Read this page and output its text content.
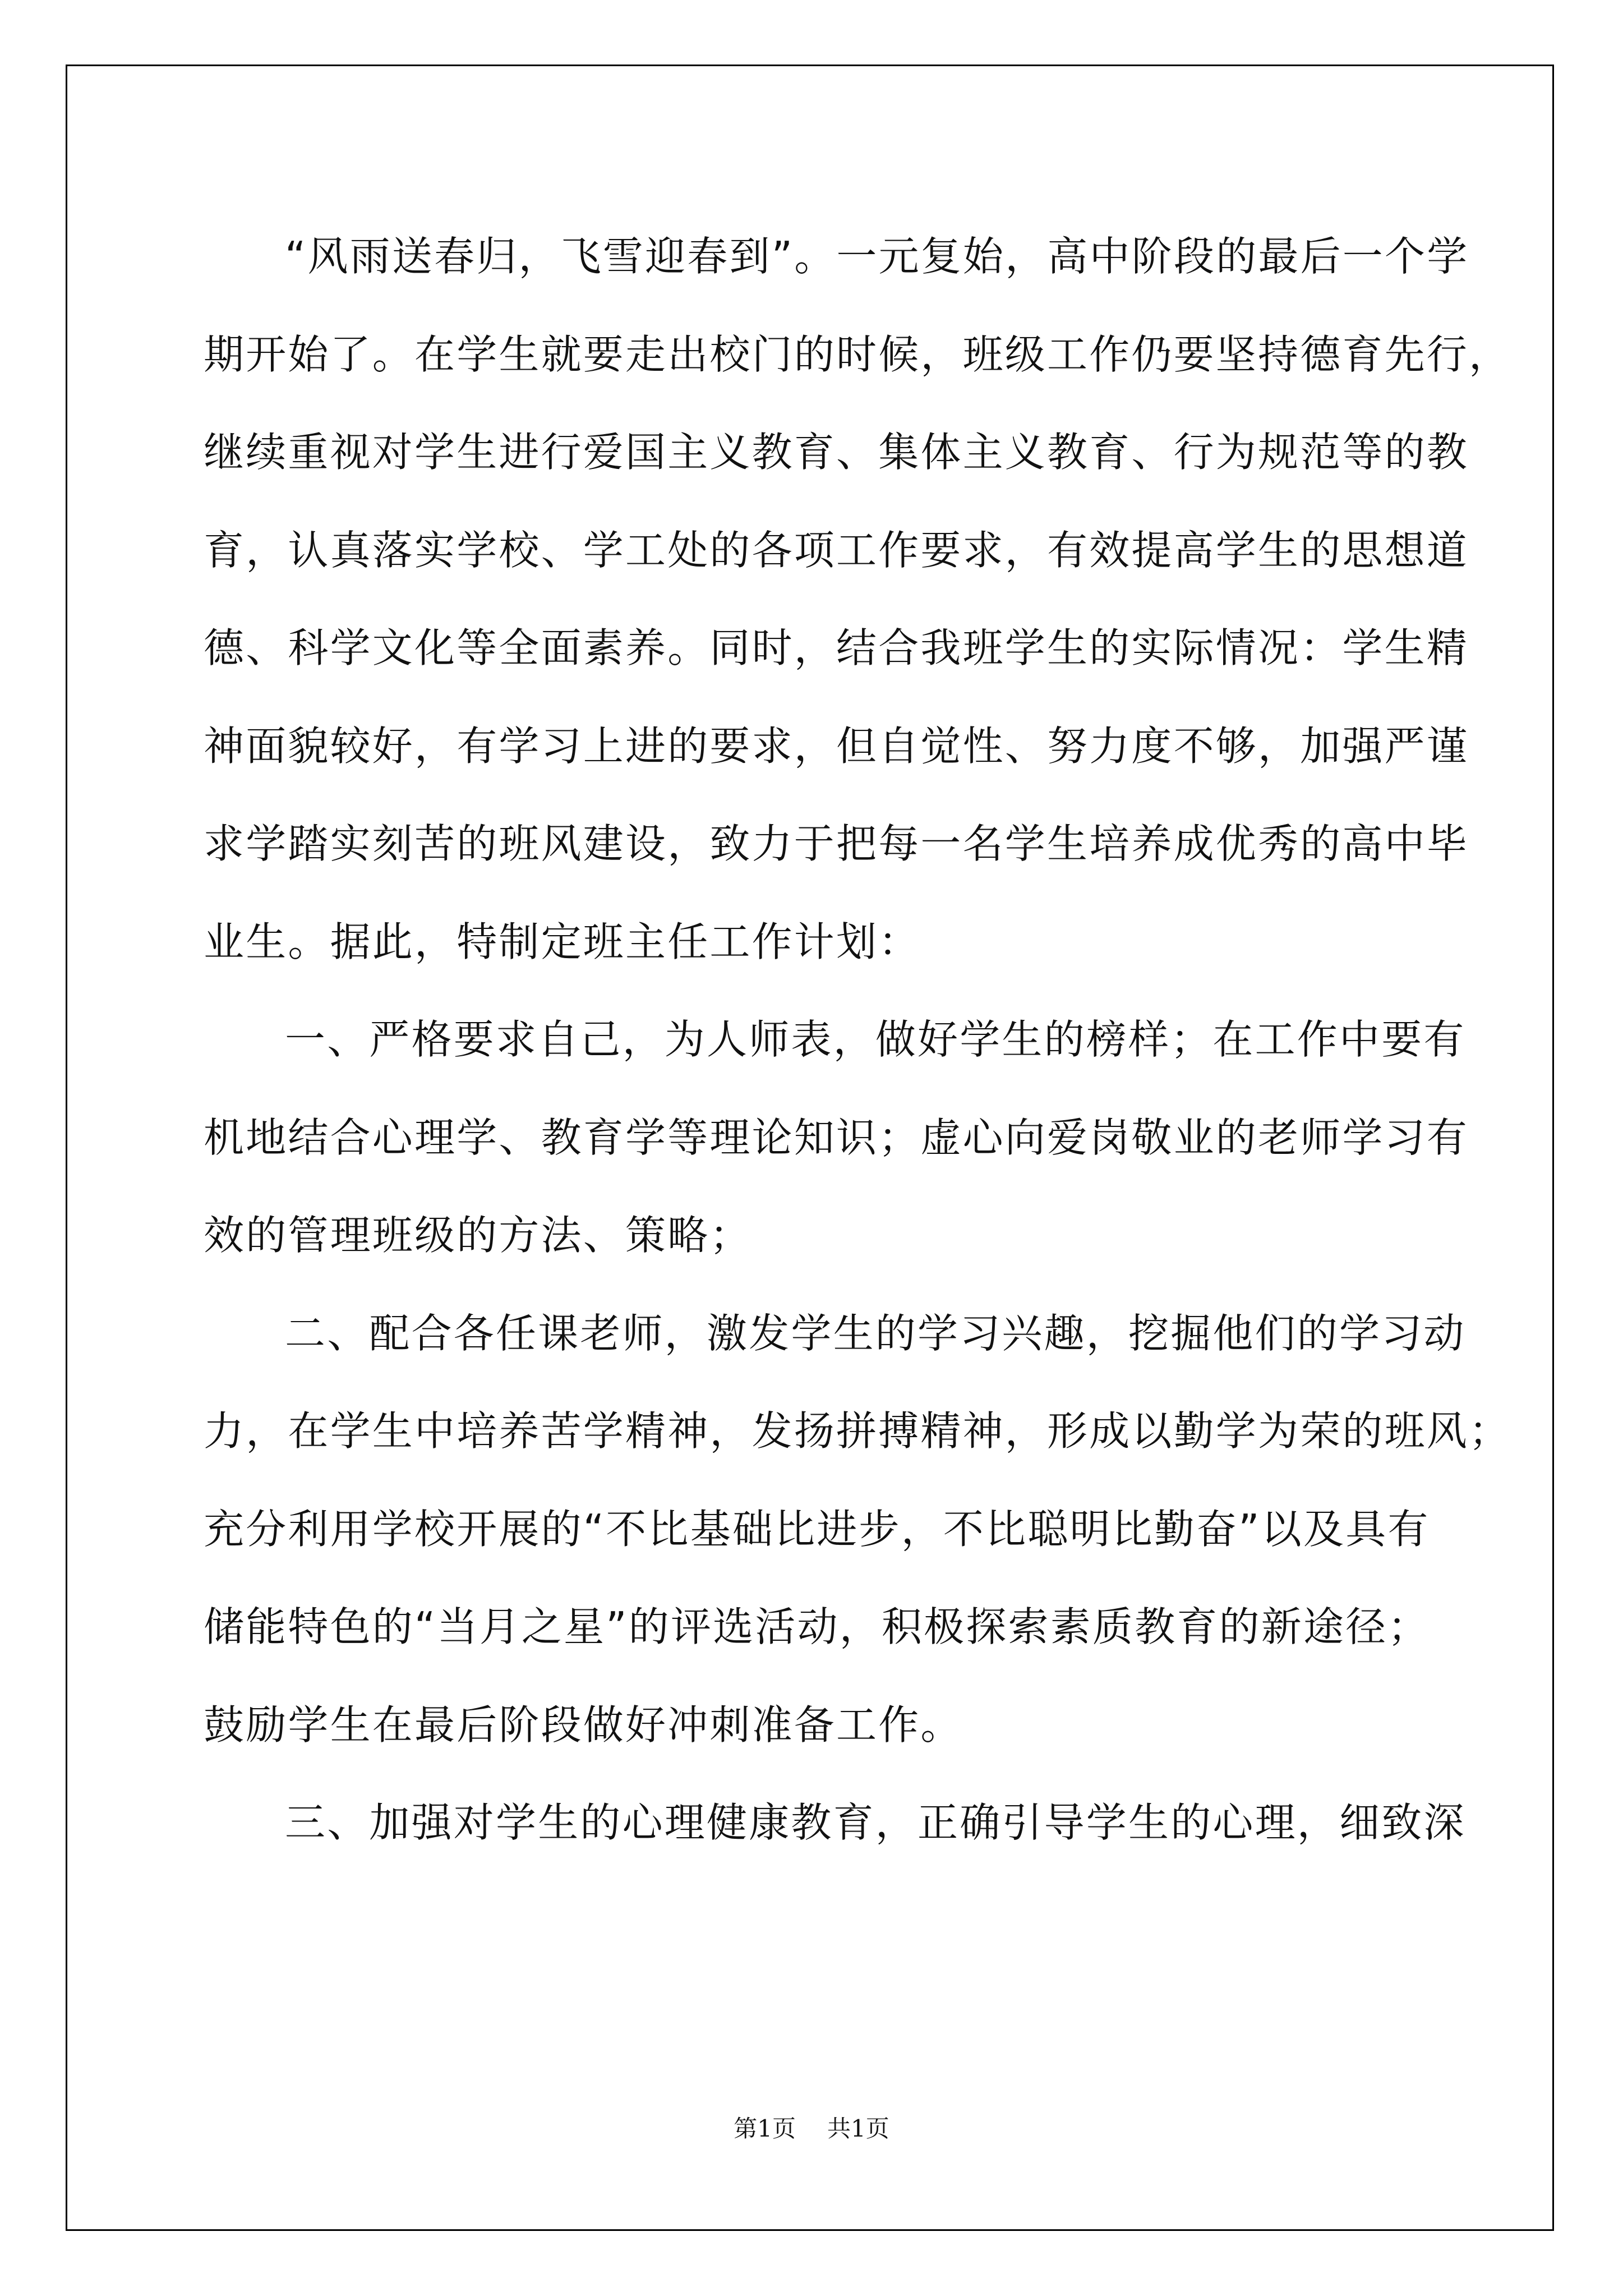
“风雨送春归，飞雪迎春到”。一元复始，高中阶段的最后一个学
期开始了。在学生就要走出校门的时候，班级工作仍要坚持德育先行，
继续重视对学生进行爱国主义教育、集体主义教育、行为规范等的教
育，认真落实学校、学工处的各项工作要求，有效提高学生的思想道
德、科学文化等全面素养。同时，结合我班学生的实际情况：学生精
神面貌较好，有学习上进的要求，但自觉性、努力度不够，加强严谨
求学踏实刻苦的班风建设，致力于把每一名学生培养成优秀的高中毕
业生。据此，特制定班主任工作计划：
一、严格要求自己，为人师表，做好学生的榜样；在工作中要有
机地结合心理学、教育学等理论知识；虚心向爱岗敬业的老师学习有
效的管理班级的方法、策略；
二、配合各任课老师，激发学生的学习兴趣，挖掘他们的学习动
力，在学生中培养苦学精神，发扬拼搏精神，形成以勤学为荣的班风；
充分利用学校开展的“不比基础比进步，不比聪明比勤奋”以及具有
储能特色的“当月之星”的评选活动，积极探索素质教育的新途径；
鼓励学生在最后阶段做好冲刺准备工作。
三、加强对学生的心理健康教育，正确引导学生的心理，细致深
第1页 共1页
